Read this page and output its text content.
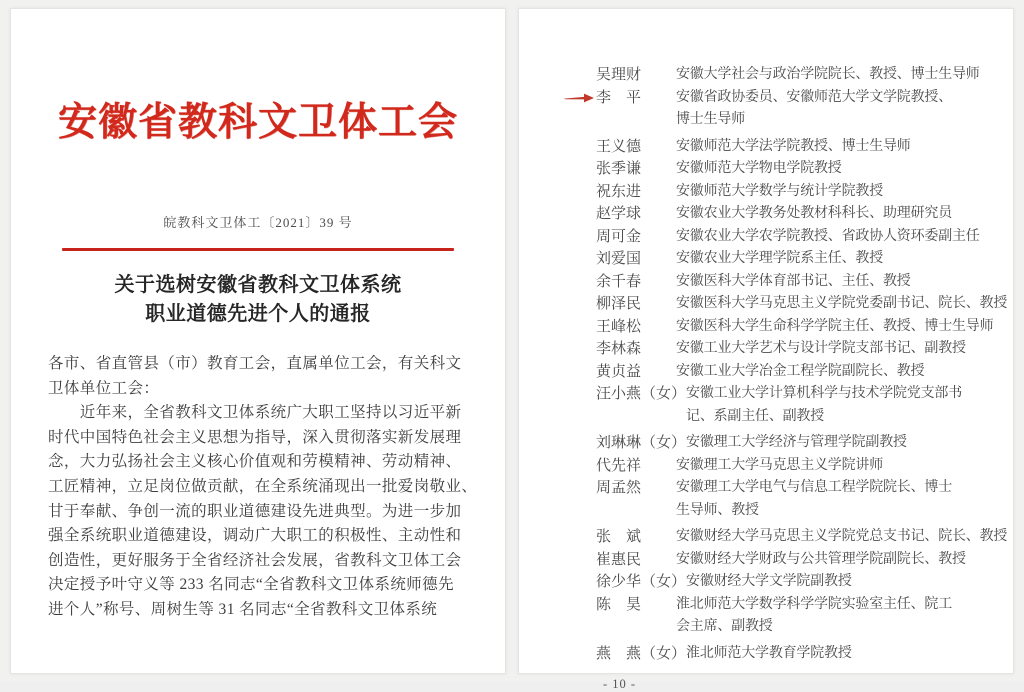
安徽省教科文卫体工会
皖教科文卫体工〔2021〕39 号
关于选树安徽省教科文卫体系统
职业道德先进个人的通报
各市、省直管县（市）教育工会，直属单位工会，有关科文
卫体单位工会：
　　近年来，全省教科文卫体系统广大职工坚持以习近平新
时代中国特色社会主义思想为指导，深入贯彻落实新发展理
念，大力弘扬社会主义核心价值观和劳模精神、劳动精神、
工匠精神，立足岗位做贡献，在全系统涌现出一批爱岗敬业、
甘于奉献、争创一流的职业道德建设先进典型。为进一步加
强全系统职业道德建设，调动广大职工的积极性、主动性和
创造性，更好服务于全省经济社会发展，省教科文卫体工会
决定授予叶守义等 233 名同志“全省教科文卫体系统师德先
进个人”称号、周树生等 31 名同志“全省教科文卫体系统
吴理财	安徽大学社会与政治学院院长、教授、博士生导师
李　平	安徽省政协委员、安徽师范大学文学院教授、
博士生导师
王义德	安徽师范大学法学院教授、博士生导师
张季谦	安徽师范大学物电学院教授
祝东进	安徽师范大学数学与统计学院教授
赵学球	安徽农业大学教务处教材科科长、助理研究员
周可金	安徽农业大学农学院教授、省政协人资环委副主任
刘爱国	安徽农业大学理学院系主任、教授
余千春	安徽医科大学体育部书记、主任、教授
柳泽民	安徽医科大学马克思主义学院党委副书记、院长、教授
王峰松	安徽医科大学生命科学学院主任、教授、博士生导师
李林森	安徽工业大学艺术与设计学院支部书记、副教授
黄贞益	安徽工业大学冶金工程学院副院长、教授
汪小燕（女） 安徽工业大学计算机科学与技术学院党支部书
记、系副主任、副教授
刘琳琳（女） 安徽理工大学经济与管理学院副教授
代先祥	安徽理工大学马克思主义学院讲师
周孟然	安徽理工大学电气与信息工程学院院长、博士
生导师、教授
张　斌	安徽财经大学马克思主义学院党总支书记、院长、教授
崔惠民	安徽财经大学财政与公共管理学院副院长、教授
徐少华（女） 安徽财经大学文学院副教授
陈　昊	淮北师范大学数学科学学院实验室主任、院工
会主席、副教授
燕　燕（女） 淮北师范大学教育学院教授
- 10 -
